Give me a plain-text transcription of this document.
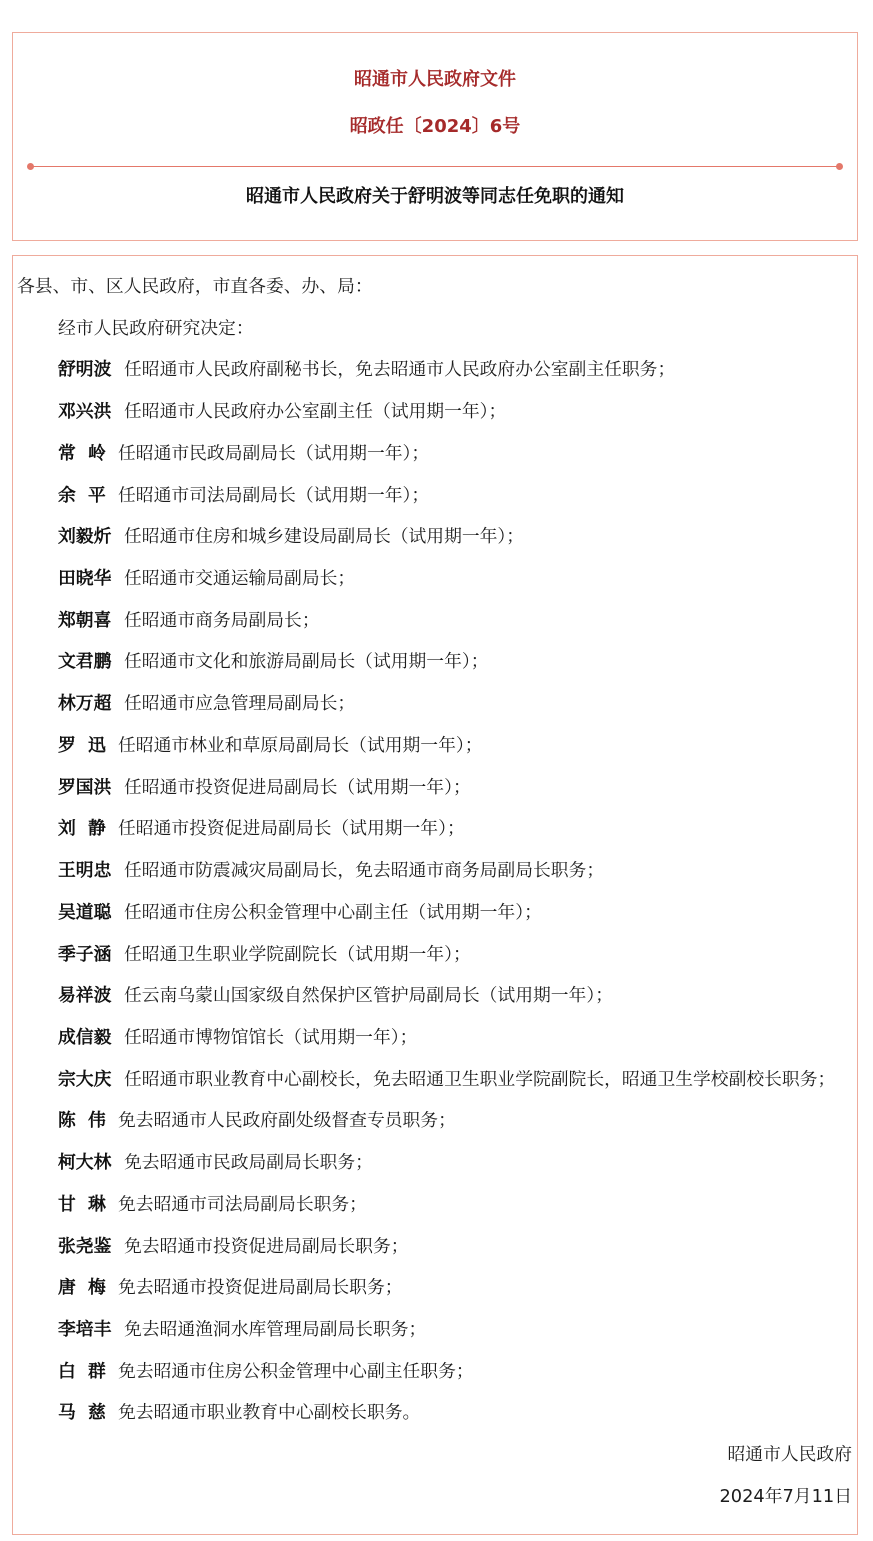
昭通市人民政府文件
昭政任〔2024〕6号
昭通市人民政府关于舒明波等同志任免职的通知
各县、市、区人民政府，市直各委、办、局：
经市人民政府研究决定：
舒明波 任昭通市人民政府副秘书长，免去昭通市人民政府办公室副主任职务；
邓兴洪 任昭通市人民政府办公室副主任（试用期一年）；
常 岭 任昭通市民政局副局长（试用期一年）；
余 平 任昭通市司法局副局长（试用期一年）；
刘毅炘 任昭通市住房和城乡建设局副局长（试用期一年）；
田晓华 任昭通市交通运输局副局长；
郑朝喜 任昭通市商务局副局长；
文君鹏 任昭通市文化和旅游局副局长（试用期一年）；
林万超 任昭通市应急管理局副局长；
罗 迅 任昭通市林业和草原局副局长（试用期一年）；
罗国洪 任昭通市投资促进局副局长（试用期一年）；
刘 静 任昭通市投资促进局副局长（试用期一年）；
王明忠 任昭通市防震减灾局副局长，免去昭通市商务局副局长职务；
吴道聪 任昭通市住房公积金管理中心副主任（试用期一年）；
季子涵 任昭通卫生职业学院副院长（试用期一年）；
易祥波 任云南乌蒙山国家级自然保护区管护局副局长（试用期一年）；
成信毅 任昭通市博物馆馆长（试用期一年）；
宗大庆 任昭通市职业教育中心副校长，免去昭通卫生职业学院副院长，昭通卫生学校副校长职务；
陈 伟 免去昭通市人民政府副处级督查专员职务；
柯大林 免去昭通市民政局副局长职务；
甘 琳 免去昭通市司法局副局长职务；
张尧鉴 免去昭通市投资促进局副局长职务；
唐 梅 免去昭通市投资促进局副局长职务；
李培丰 免去昭通渔洞水库管理局副局长职务；
白 群 免去昭通市住房公积金管理中心副主任职务；
马 慈 免去昭通市职业教育中心副校长职务。
昭通市人民政府
2024年7月11日
